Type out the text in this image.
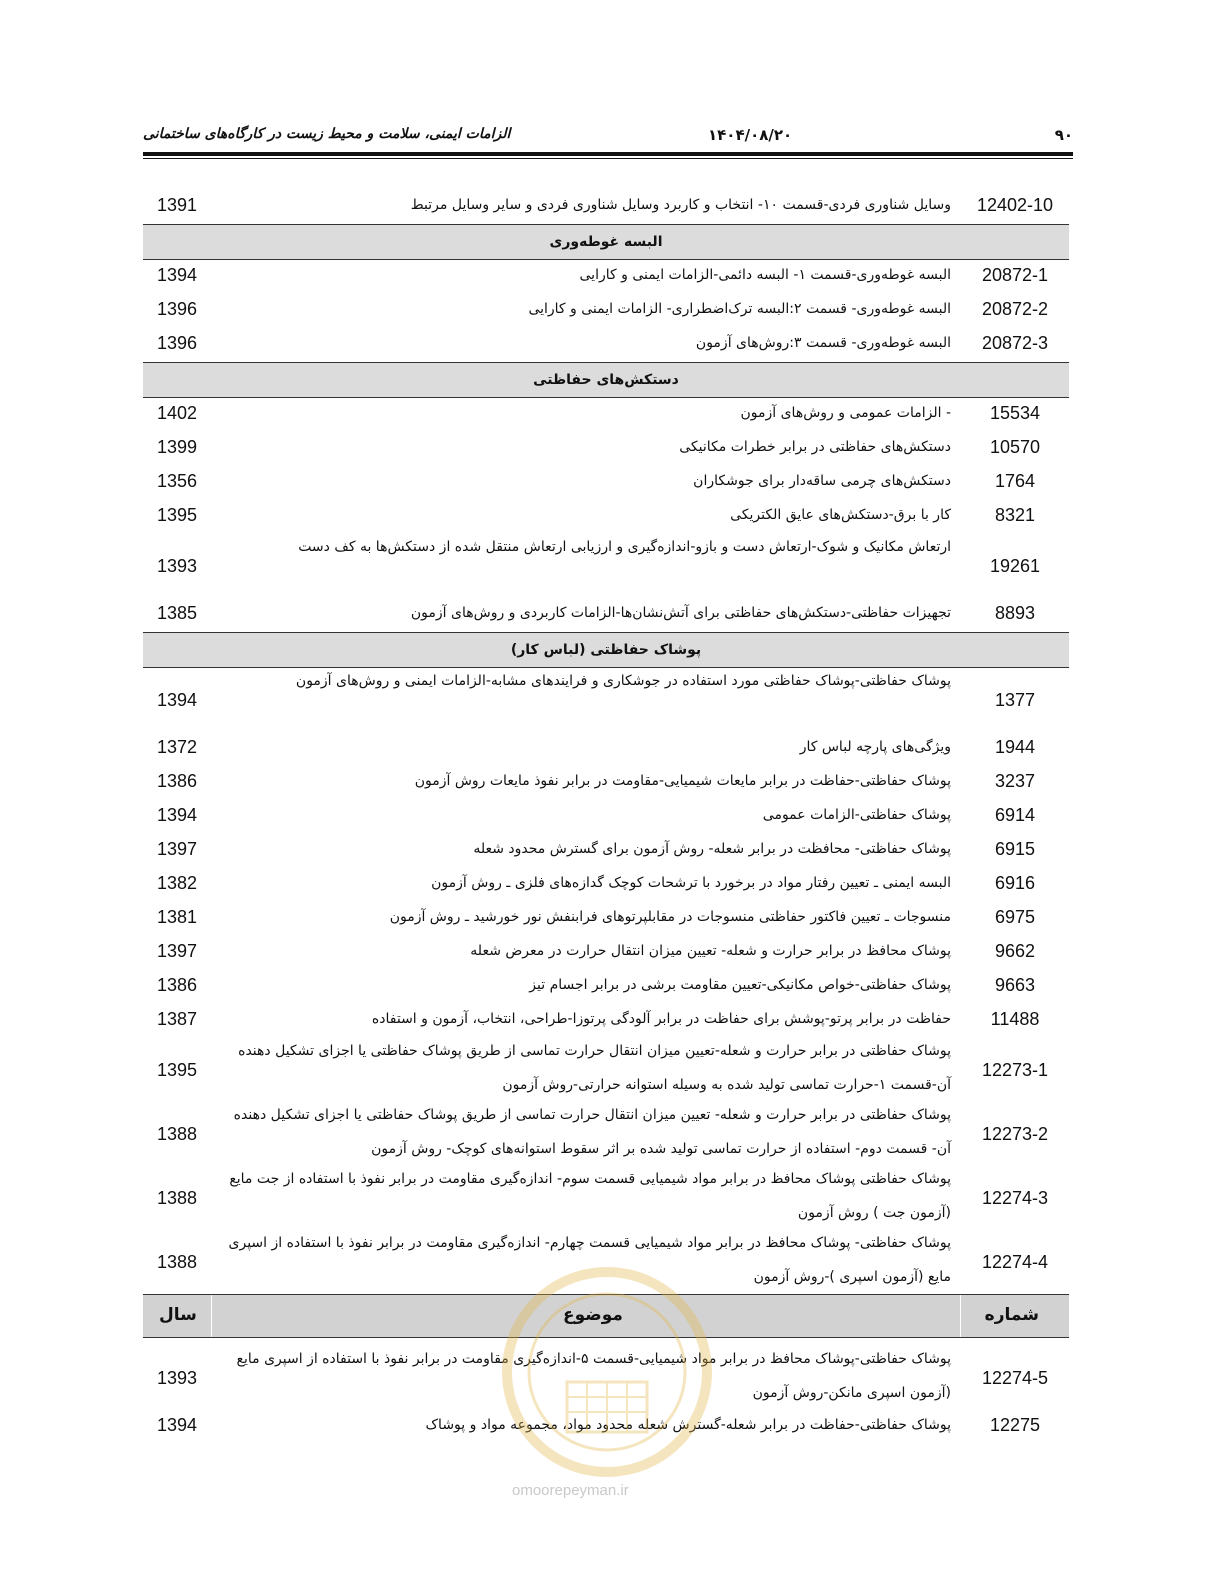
۹۰
۱۴۰۴/۰۸/۲۰
الزامات ایمنی، سلامت و محیط زیست در کارگاه‌های ساختمانی
12402-10
وسایل شناوری فردی-قسمت ۱۰- انتخاب و کاربرد وسایل شناوری فردی و سایر وسایل مرتبط
1391
البسه غوطه‌وری
20872-1
البسه غوطه‌وری-قسمت ۱- البسه دائمی-الزامات ایمنی و کارایی
1394
20872-2
البسه غوطه‌وری- قسمت ۲:البسه ترک‌اضطراری- الزامات ایمنی و کارایی
1396
20872-3
البسه غوطه‌وری- قسمت ۳:روش‌های آزمون
1396
دستکش‌های حفاظتی
15534
- الزامات عمومی و روش‌های آزمون
1402
10570
دستکش‌های حفاظتی در برابر خطرات مکانیکی
1399
1764
دستکش‌های چرمی ساقه‌دار برای جوشکاران
1356
8321
کار با برق-دستکش‌های عایق الکتریکی
1395
19261
ارتعاش مکانیک و شوک-ارتعاش دست و بازو-اندازه‌گیری و ارزیابی ارتعاش منتقل شده از دستکش‌ها به کف دست
1393
8893
تجهیزات حفاظتی-دستکش‌های حفاظتی برای آتش‌نشان‌ها-الزامات کاربردی و روش‌های آزمون
1385
پوشاک حفاظتی (لباس کار)
1377
پوشاک حفاظتی-پوشاک حفاظتی مورد استفاده در جوشکاری و فرایندهای مشابه-الزامات ایمنی و روش‌های آزمون
1394
1944
ویژگی‌های پارچه لباس کار
1372
3237
پوشاک حفاظتی-حفاظت در برابر مایعات شیمیایی-مقاومت در برابر نفوذ مایعات روش آزمون
1386
6914
پوشاک حفاظتی-الزامات عمومی
1394
6915
پوشاک حفاظتی- محافظت در برابر شعله- روش آزمون برای گسترش محدود شعله
1397
6916
البسه ایمنی ـ تعیین رفتار مواد در برخورد با ترشحات کوچک گدازه‌های فلزی ـ روش آزمون
1382
6975
منسوجات ـ تعیین فاکتور حفاظتی منسوجات در مقابلپرتوهای فرابنفش نور خورشید ـ روش آزمون
1381
9662
پوشاک محافظ در برابر حرارت و شعله- تعیین میزان انتقال حرارت در معرض شعله
1397
9663
پوشاک حفاظتی-خواص مکانیکی-تعیین مقاومت برشی در برابر اجسام تیز
1386
11488
حفاظت در برابر پرتو-پوشش برای حفاظت در برابر آلودگی پرتوزا-طراحی، انتخاب، آزمون و استفاده
1387
12273-1
پوشاک حفاظتی در برابر حرارت و شعله-تعیین میزان انتقال حرارت تماسی از طریق پوشاک حفاظتی یا اجزای تشکیل دهنده آن-قسمت ۱-حرارت تماسی تولید شده به وسیله استوانه حرارتی-روش آزمون
1395
12273-2
پوشاک حفاظتی در برابر حرارت و شعله- تعیین میزان انتقال حرارت تماسی از طریق پوشاک حفاظتی یا اجزای تشکیل دهنده آن- قسمت دوم- استفاده از حرارت تماسی تولید شده بر اثر سقوط استوانه‌های کوچک- روش آزمون
1388
12274-3
پوشاک حفاظتی پوشاک محافظ در برابر مواد شیمیایی قسمت سوم- اندازه‌گیری مقاومت در برابر نفوذ با استفاده از جت مایع (آزمون جت ) روش آزمون
1388
12274-4
پوشاک حفاظتی- پوشاک محافظ در برابر مواد شیمیایی قسمت چهارم- اندازه‌گیری مقاومت در برابر نفوذ با استفاده از اسپری مایع (آزمون اسپری )-روش آزمون
1388
شماره
موضوع
سال
12274-5
پوشاک حفاظتی-پوشاک محافظ در برابر مواد شیمیایی-قسمت ۵-اندازه‌گیری مقاومت در برابر نفوذ با استفاده از اسپری مایع (آزمون اسپری مانکن-روش آزمون
1393
12275
پوشاک حفاظتی-حفاظت در برابر شعله-گسترش شعله محدود مواد، مجموعه مواد و پوشاک
1394
omoorepeyman.ir
